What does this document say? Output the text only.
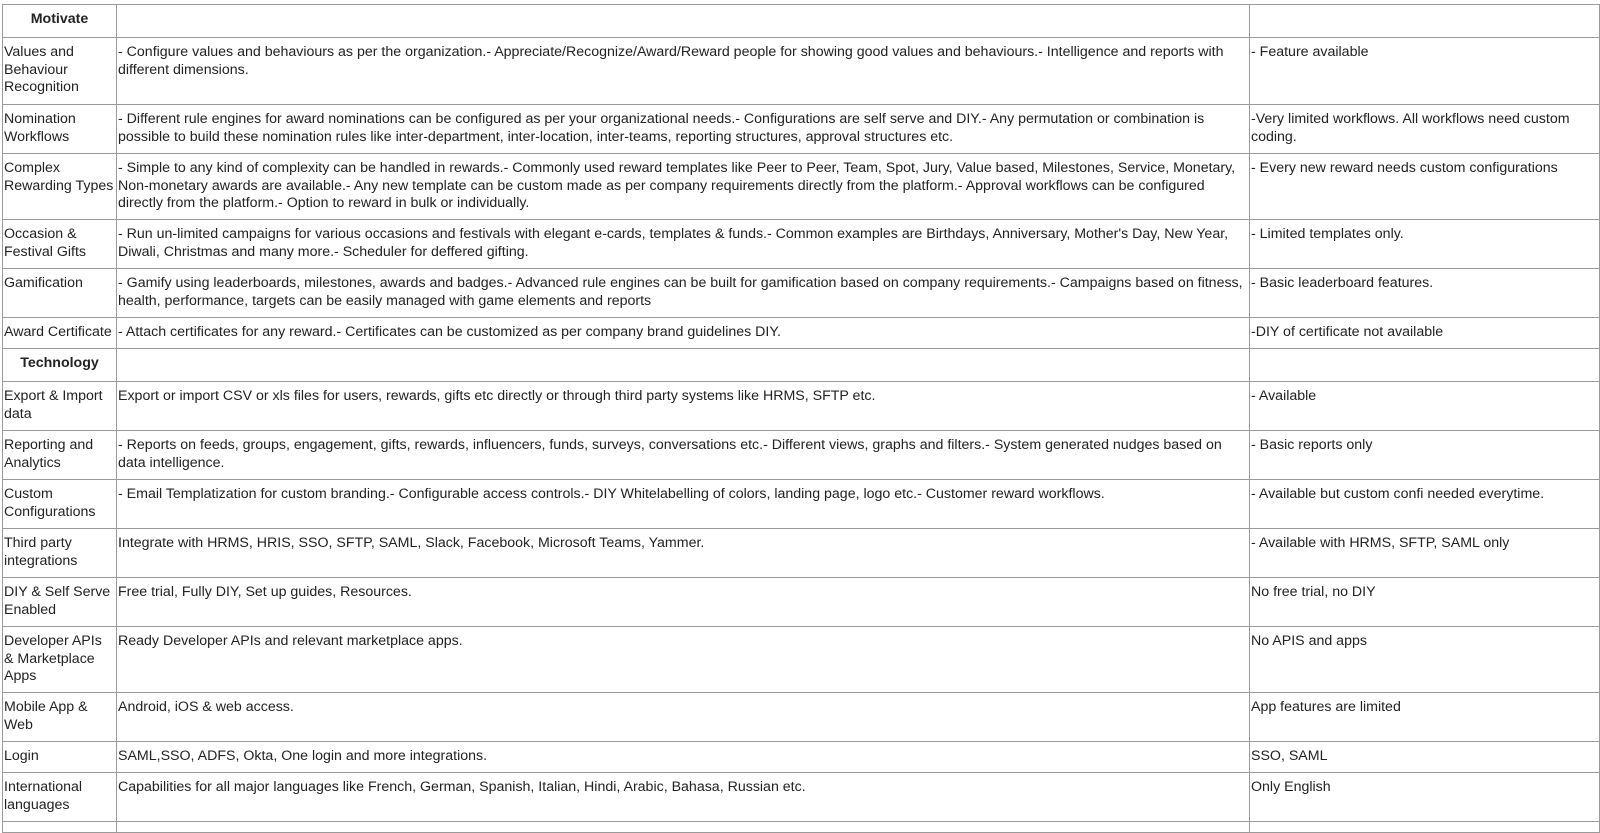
Motivate		
Values and Behaviour Recognition	- Configure values and behaviours as per the organization.- Appreciate/Recognize/Award/Reward people for showing good values and behaviours.- Intelligence and reports with different dimensions.	- Feature available
Nomination Workflows	- Different rule engines for award nominations can be configured as per your organizational needs.- Configurations are self serve and DIY.- Any permutation or combination is possible to build these nomination rules like inter-department, inter-location, inter-teams, reporting structures, approval structures etc.	-Very limited workflows. All workflows need custom coding.
Complex Rewarding Types	- Simple to any kind of complexity can be handled in rewards.- Commonly used reward templates like Peer to Peer, Team, Spot, Jury, Value based, Milestones, Service, Monetary, Non-monetary awards are available.- Any new template can be custom made as per company requirements directly from the platform.- Approval workflows can be configured directly from the platform.- Option to reward in bulk or individually.	- Every new reward needs custom configurations
Occasion & Festival Gifts	- Run un-limited campaigns for various occasions and festivals with elegant e-cards, templates & funds.- Common examples are Birthdays, Anniversary, Mother's Day, New Year, Diwali, Christmas and many more.- Scheduler for deffered gifting.	- Limited templates only.
Gamification	- Gamify using leaderboards, milestones, awards and badges.- Advanced rule engines can be built for gamification based on company requirements.- Campaigns based on fitness, health, performance, targets can be easily managed with game elements and reports	- Basic leaderboard features.
Award Certificate	- Attach certificates for any reward.- Certificates can be customized as per company brand guidelines DIY.	-DIY of certificate not available
Technology		
Export & Import data	Export or import CSV or xls files for users, rewards, gifts etc directly or through third party systems like HRMS, SFTP etc.	- Available
Reporting and Analytics	- Reports on feeds, groups, engagement, gifts, rewards, influencers, funds, surveys, conversations etc.- Different views, graphs and filters.- System generated nudges based on data intelligence.	- Basic reports only
Custom Configurations	- Email Templatization for custom branding.- Configurable access controls.- DIY Whitelabelling of colors, landing page, logo etc.- Customer reward workflows.	- Available but custom confi needed everytime.
Third party integrations	Integrate with HRMS, HRIS, SSO, SFTP, SAML, Slack, Facebook, Microsoft Teams, Yammer.	- Available with HRMS, SFTP, SAML only
DIY & Self Serve Enabled	Free trial, Fully DIY, Set up guides, Resources.	No free trial, no DIY
Developer APIs & Marketplace Apps	Ready Developer APIs and relevant marketplace apps.	No APIS and apps
Mobile App & Web	Android, iOS & web access.	App features are limited
Login	SAML,SSO, ADFS, Okta, One login and more integrations.	SSO, SAML
International languages	Capabilities for all major languages like French, German, Spanish, Italian, Hindi, Arabic, Bahasa, Russian etc.	Only English
